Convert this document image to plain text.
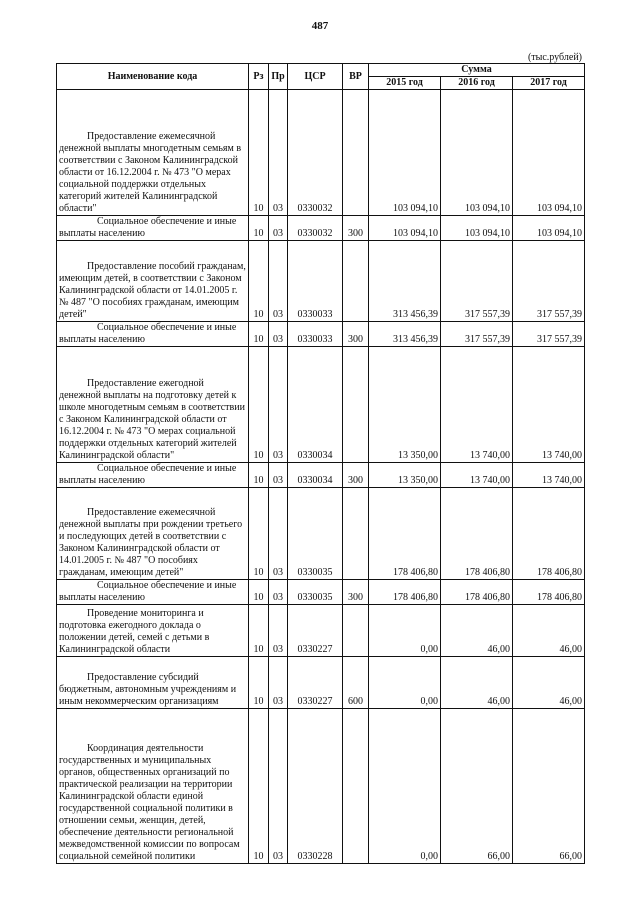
487
(тыс.рублей)
Наименование кода	Рз	Пр	ЦСР	ВР	Сумма		
					2015 год	2016 год	2017 год

Предоставление ежемесячной денежной выплаты многодетным семьям в соответствии с Законом Калининградской области от 16.12.2004 г. № 473 "О мерах социальной поддержки отдельных категорий жителей Калининградской области"	10	03	0330032		103 094,10	103 094,10	103 094,10

Социальное обеспечение и иные выплаты населению	10	03	0330032	300	103 094,10	103 094,10	103 094,10

Предоставление пособий гражданам, имеющим детей, в соответствии с Законом Калининградской области от 14.01.2005 г. № 487 "О пособиях гражданам, имеющим детей"	10	03	0330033		313 456,39	317 557,39	317 557,39

Социальное обеспечение и иные выплаты населению	10	03	0330033	300	313 456,39	317 557,39	317 557,39

Предоставление ежегодной денежной выплаты на подготовку детей к школе многодетным семьям в соответствии с Законом Калининградской области от 16.12.2004 г. № 473 "О мерах социальной поддержки отдельных категорий жителей Калининградской области"	10	03	0330034		13 350,00	13 740,00	13 740,00

Социальное обеспечение и иные выплаты населению	10	03	0330034	300	13 350,00	13 740,00	13 740,00

Предоставление ежемесячной денежной выплаты при рождении третьего и последующих детей в соответствии с Законом Калининградской области от 14.01.2005 г. № 487 "О пособиях гражданам, имеющим детей"	10	03	0330035		178 406,80	178 406,80	178 406,80

Социальное обеспечение и иные выплаты населению	10	03	0330035	300	178 406,80	178 406,80	178 406,80

Проведение мониторинга и подготовка ежегодного доклада о положении детей, семей с детьми в Калининградской области	10	03	0330227		0,00	46,00	46,00

Предоставление субсидий бюджетным, автономным учреждениям и иным некоммерческим организациям	10	03	0330227	600	0,00	46,00	46,00

Координация деятельности государственных и муниципальных органов, общественных организаций по практической реализации на территории Калининградской области единой государственной социальной политики в отношении семьи, женщин, детей, обеспечение деятельности региональной межведомственной комиссии по вопросам социальной семейной политики	10	03	0330228		0,00	66,00	66,00
